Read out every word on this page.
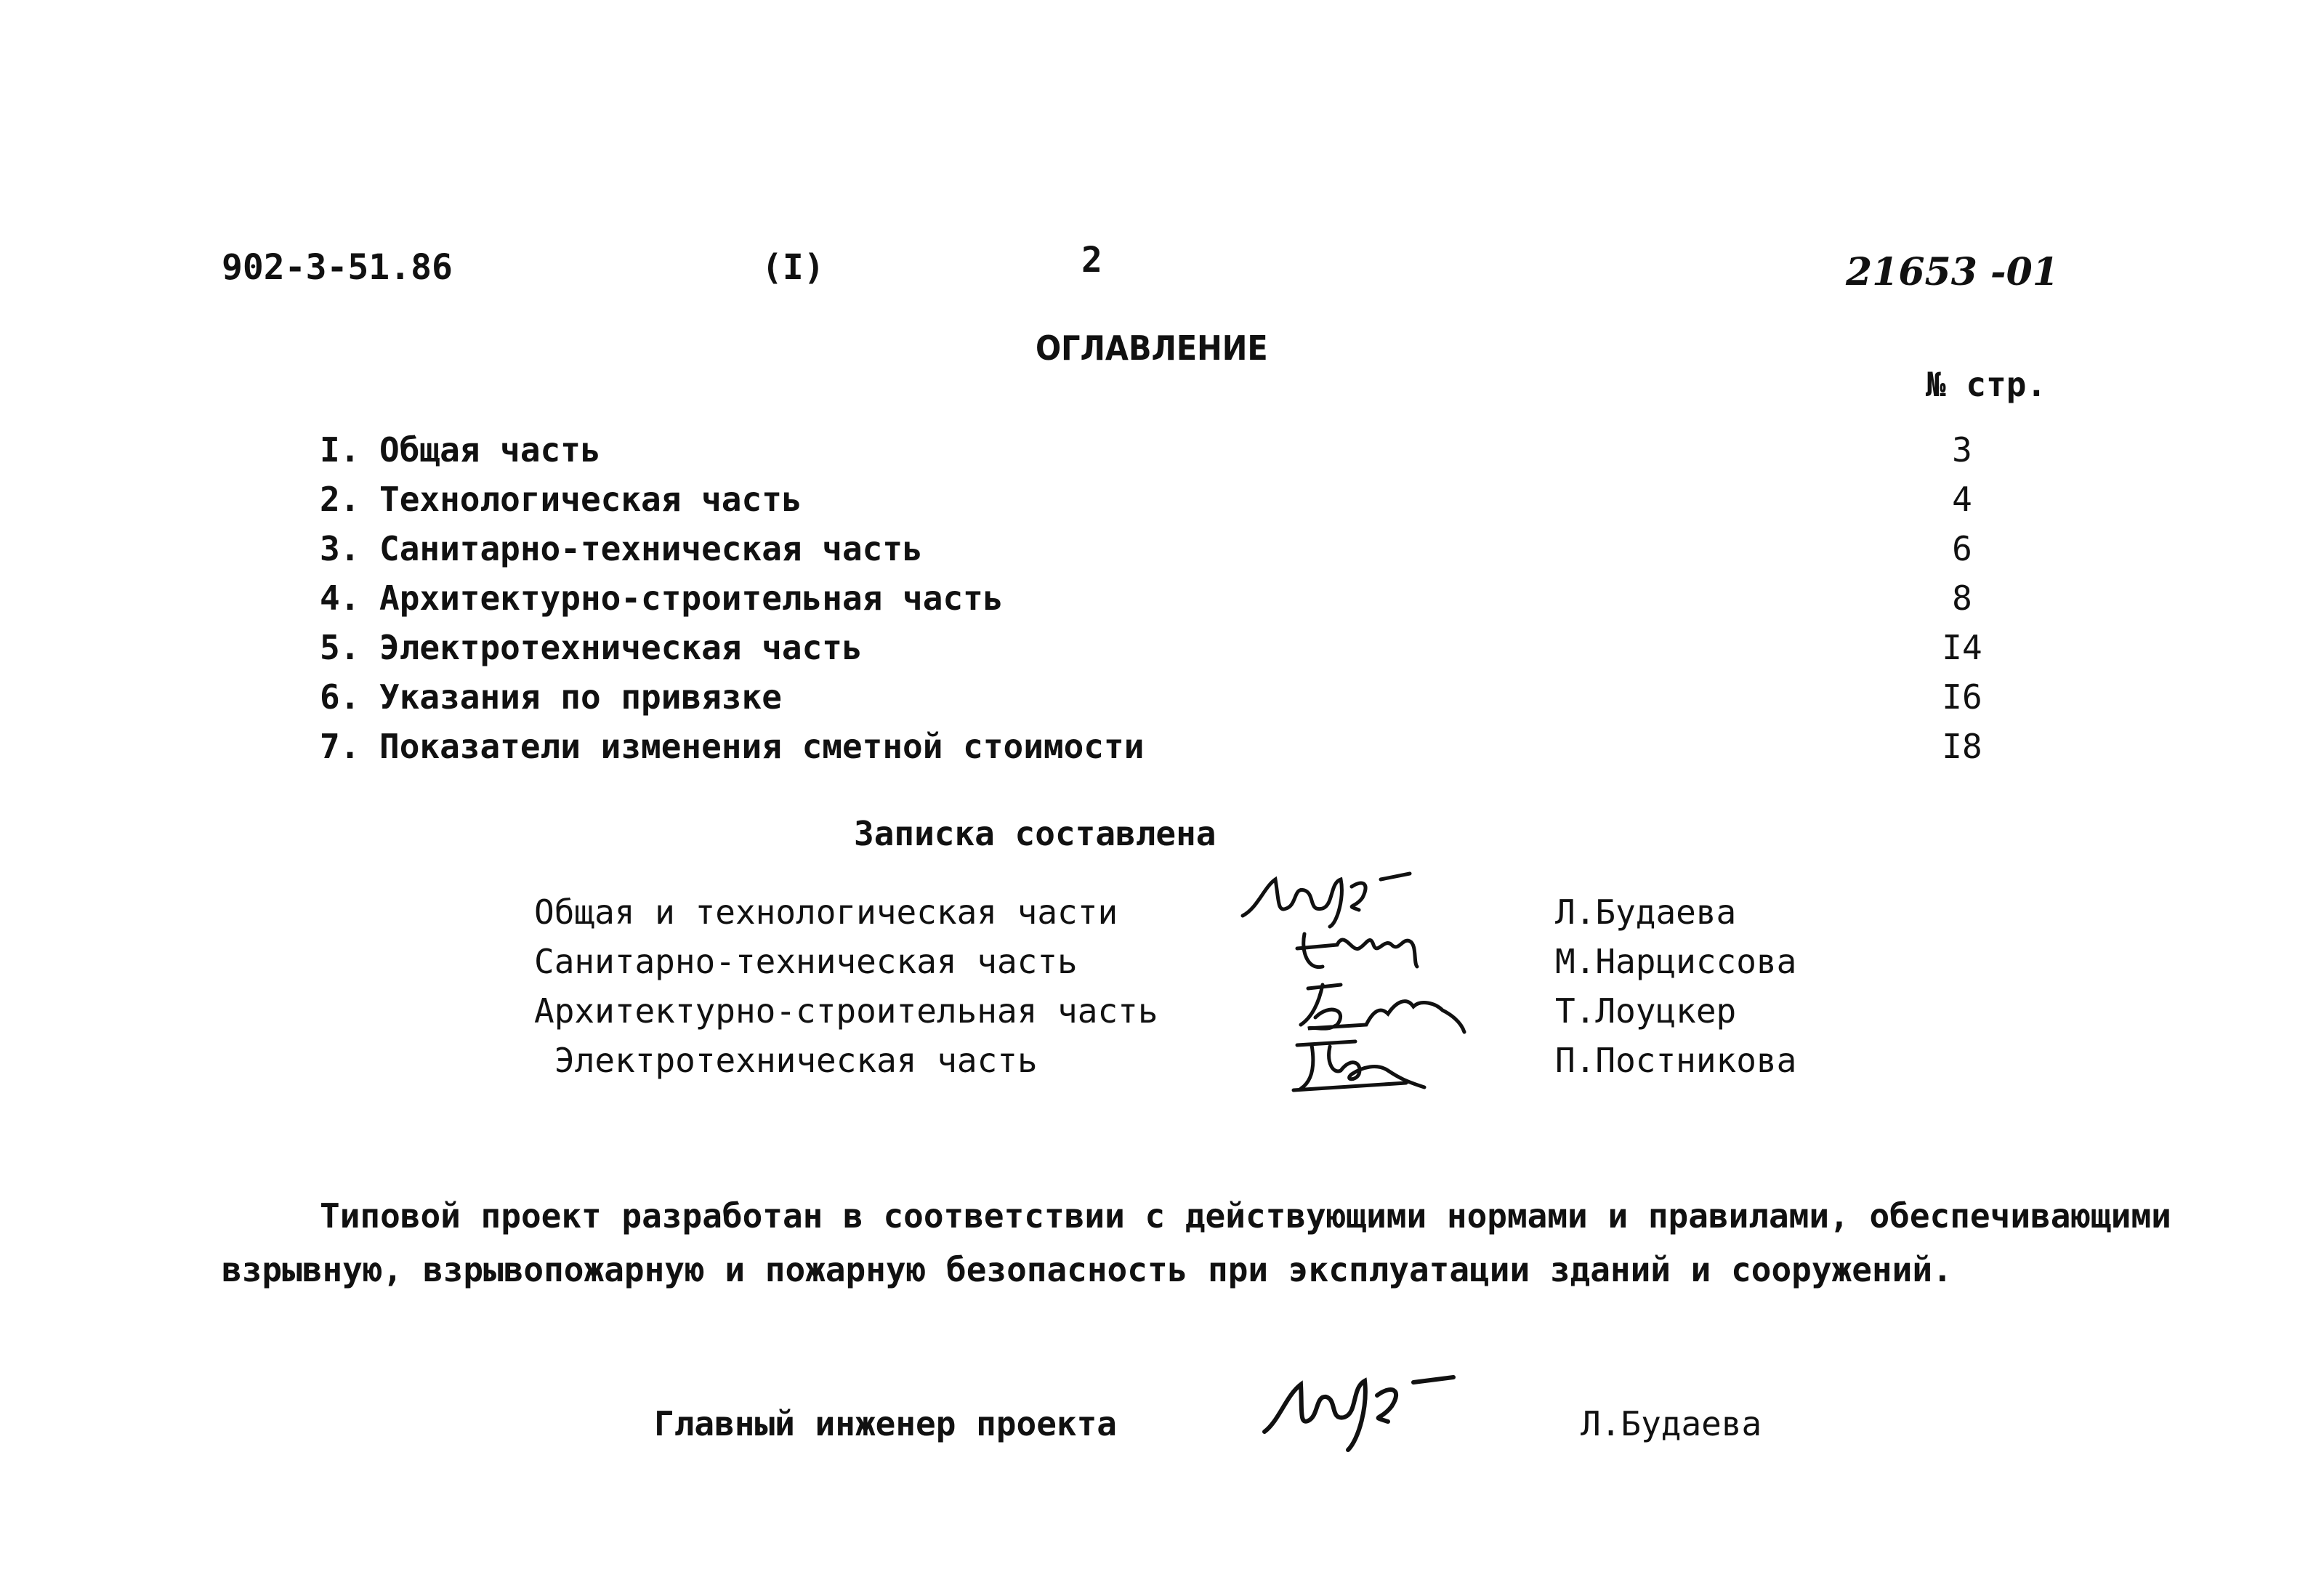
902-3-51.86	(I)	2	21653 -01
ОГЛАВЛЕНИЕ
№ стр.
I. Общая часть	3
2. Технологическая часть	4
3. Санитарно-техническая часть	6
4. Архитектурно-строительная часть	8
5. Электротехническая часть	I4
6. Указания по привязке	I6
7. Показатели изменения сметной стоимости	I8
Записка составлена
Общая и технологическая части	Л.Будаева
Санитарно-техническая часть	М.Нарциссова
Архитектурно-строительная часть	Т.Лоуцкер
Электротехническая часть	П.Постникова
Типовой проект разработан в соответствии с действующими нормами и правилами, обеспечивающими
взрывную, взрывопожарную и пожарную безопасность при эксплуатации зданий и сооружений.
Главный инженер проекта	Л.Будаева
